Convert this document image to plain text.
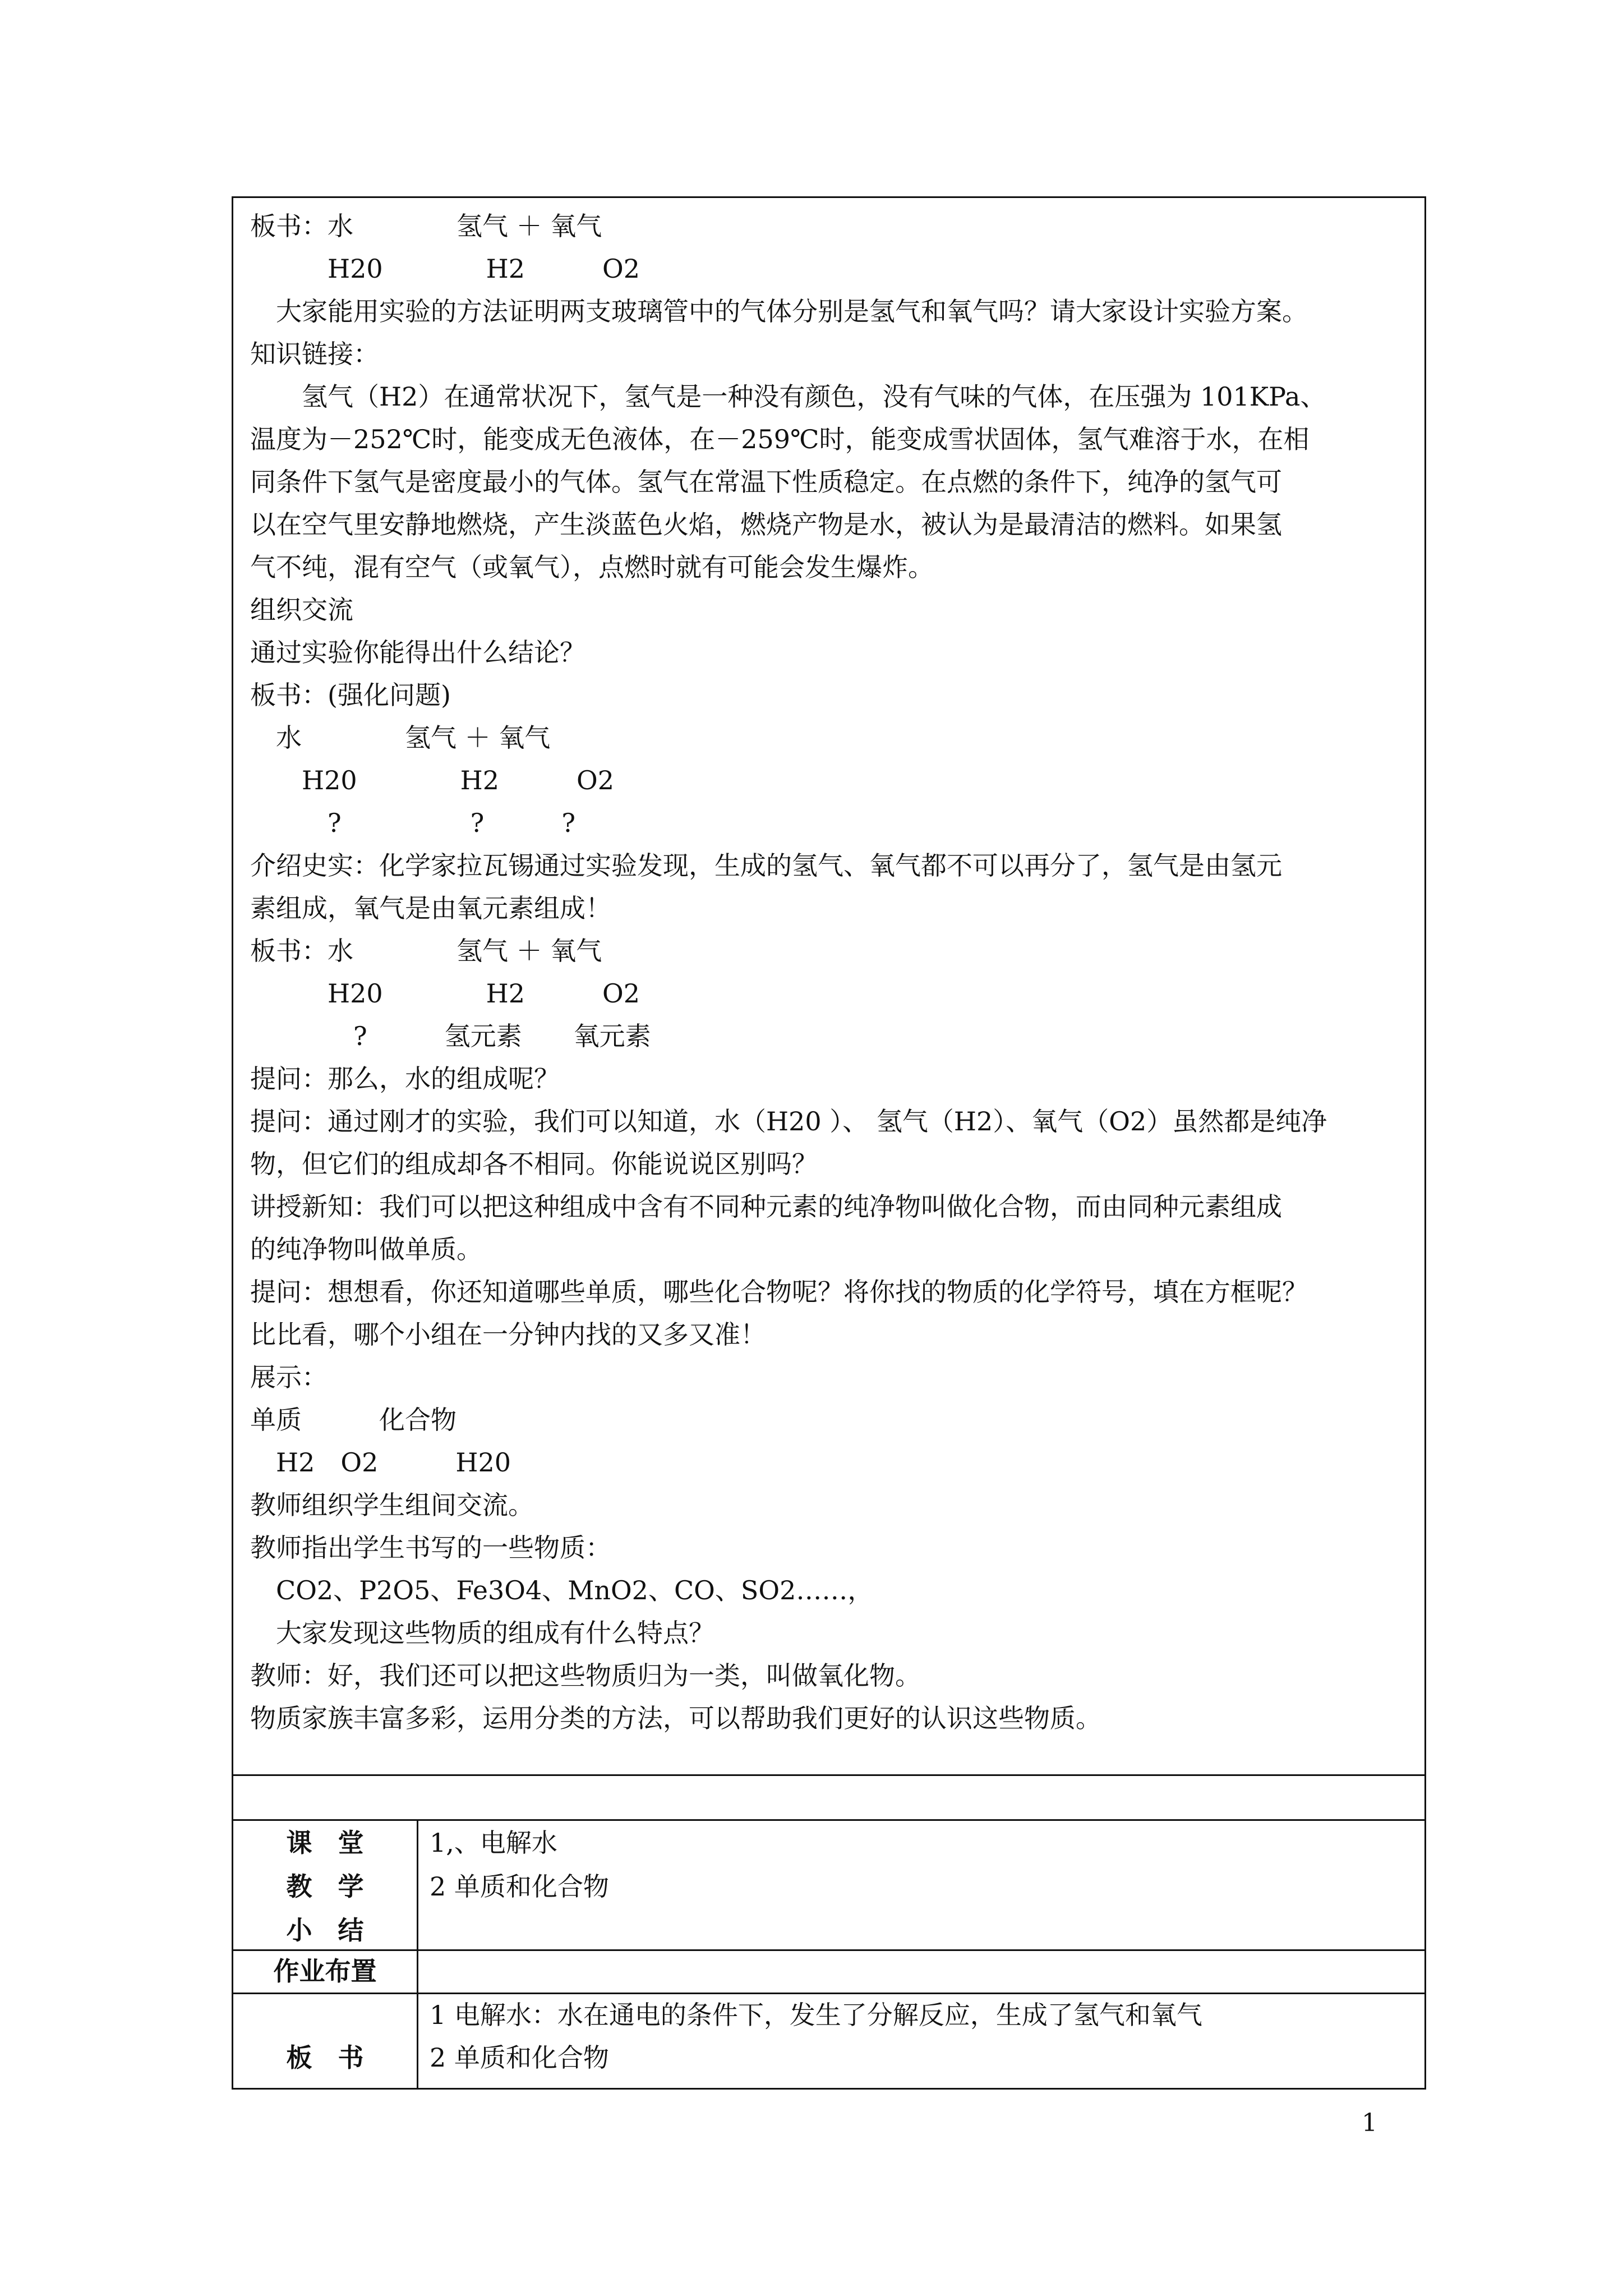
板书：水　　　　氢气 ＋ 氧气
　　　H20　　　　H2　　　O2
　大家能用实验的方法证明两支玻璃管中的气体分别是氢气和氧气吗？请大家设计实验方案。
知识链接：
　　氢气（H2）在通常状况下，氢气是一种没有颜色，没有气味的气体，在压强为 101KPa、
温度为－252℃时，能变成无色液体，在－259℃时，能变成雪状固体，氢气难溶于水，在相
同条件下氢气是密度最小的气体。氢气在常温下性质稳定。在点燃的条件下，纯净的氢气可
以在空气里安静地燃烧，产生淡蓝色火焰，燃烧产物是水，被认为是最清洁的燃料。如果氢
气不纯，混有空气（或氧气），点燃时就有可能会发生爆炸。
组织交流
通过实验你能得出什么结论？
板书：(强化问题)
　水　　　　氢气 ＋ 氧气
　　H20　　　　H2　　　O2
　　　?　　　　　?　　　?
介绍史实：化学家拉瓦锡通过实验发现，生成的氢气、氧气都不可以再分了，氢气是由氢元
素组成，氧气是由氧元素组成！
板书：水　　　　氢气 ＋ 氧气
　　　H20　　　　H2　　　O2
　　　　?　　　氢元素　　氧元素
提问：那么，水的组成呢？
提问：通过刚才的实验，我们可以知道，水（H20 ）、 氢气（H2）、氧气（O2）虽然都是纯净
物，但它们的组成却各不相同。你能说说区别吗？
讲授新知：我们可以把这种组成中含有不同种元素的纯净物叫做化合物，而由同种元素组成
的纯净物叫做单质。
提问：想想看，你还知道哪些单质，哪些化合物呢？将你找的物质的化学符号，填在方框呢？
比比看，哪个小组在一分钟内找的又多又准！
展示：
单质　　　化合物
　H2　O2　　　H20
教师组织学生组间交流。
教师指出学生书写的一些物质：
　CO2、P2O5、Fe3O4、MnO2、CO、SO2……，
　大家发现这些物质的组成有什么特点？
教师：好，我们还可以把这些物质归为一类，叫做氧化物。
物质家族丰富多彩，运用分类的方法，可以帮助我们更好的认识这些物质。
课　堂
教　学
小　结
1,、电解水
2 单质和化合物
作业布置
板　书
1 电解水：水在通电的条件下，发生了分解反应，生成了氢气和氧气
2 单质和化合物
1
